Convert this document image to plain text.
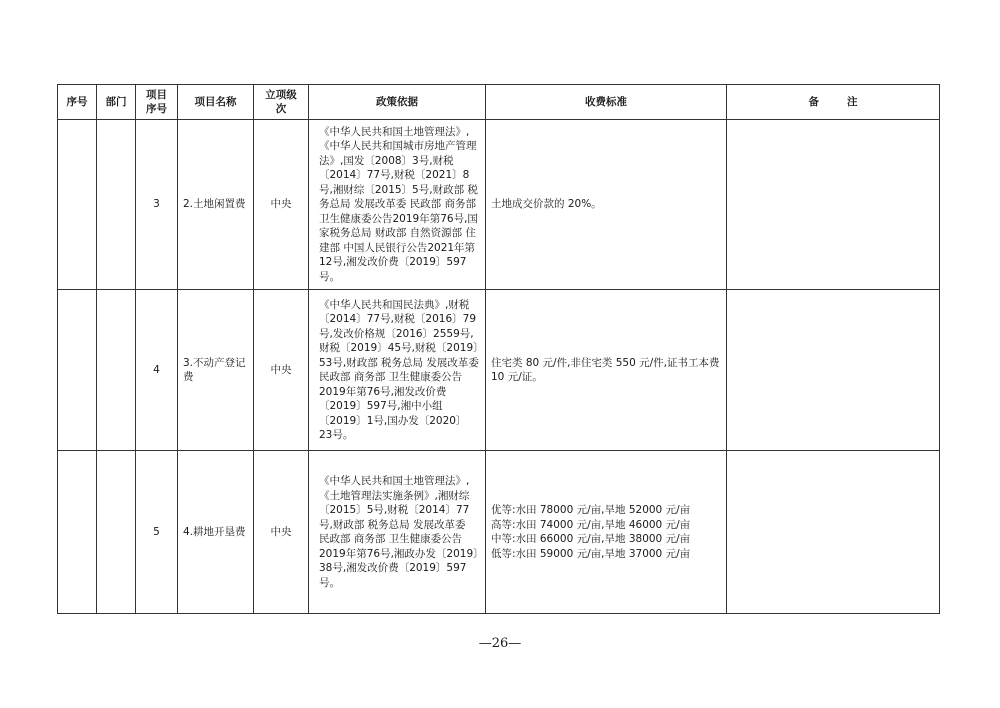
序号	部门	项目序号	项目名称	立项级次	政策依据	收费标准	备注
		3	2.土地闲置费	中央	《中华人民共和国土地管理法》,《中华人民共和国城市房地产管理法》,国发〔2008〕3号,财税〔2014〕77号,财税〔2021〕8号,湘财综〔2015〕5号,财政部 税务总局 发展改革委 民政部 商务部 卫生健康委公告2019年第76号,国家税务总局 财政部 自然资源部 住建部 中国人民银行公告2021年第12号,湘发改价费〔2019〕597号。	土地成交价款的 20%。	
		4	3.不动产登记费	中央	《中华人民共和国民法典》,财税〔2014〕77号,财税〔2016〕79号,发改价格规〔2016〕2559号,财税〔2019〕45号,财税〔2019〕53号,财政部 税务总局 发展改革委 民政部 商务部 卫生健康委公告2019年第76号,湘发改价费〔2019〕597号,湘中小组〔2019〕1号,国办发〔2020〕23号。	住宅类 80 元/件,非住宅类 550 元/件,证书工本费 10 元/证。	
		5	4.耕地开垦费	中央	《中华人民共和国土地管理法》,《土地管理法实施条例》,湘财综〔2015〕5号,财税〔2014〕77号,财政部 税务总局 发展改革委 民政部 商务部 卫生健康委公告2019年第76号,湘政办发〔2019〕38号,湘发改价费〔2019〕597号。	优等:水田 78000 元/亩,旱地 52000 元/亩
高等:水田 74000 元/亩,旱地 46000 元/亩
中等:水田 66000 元/亩,旱地 38000 元/亩
低等:水田 59000 元/亩,旱地 37000 元/亩	
—26—
